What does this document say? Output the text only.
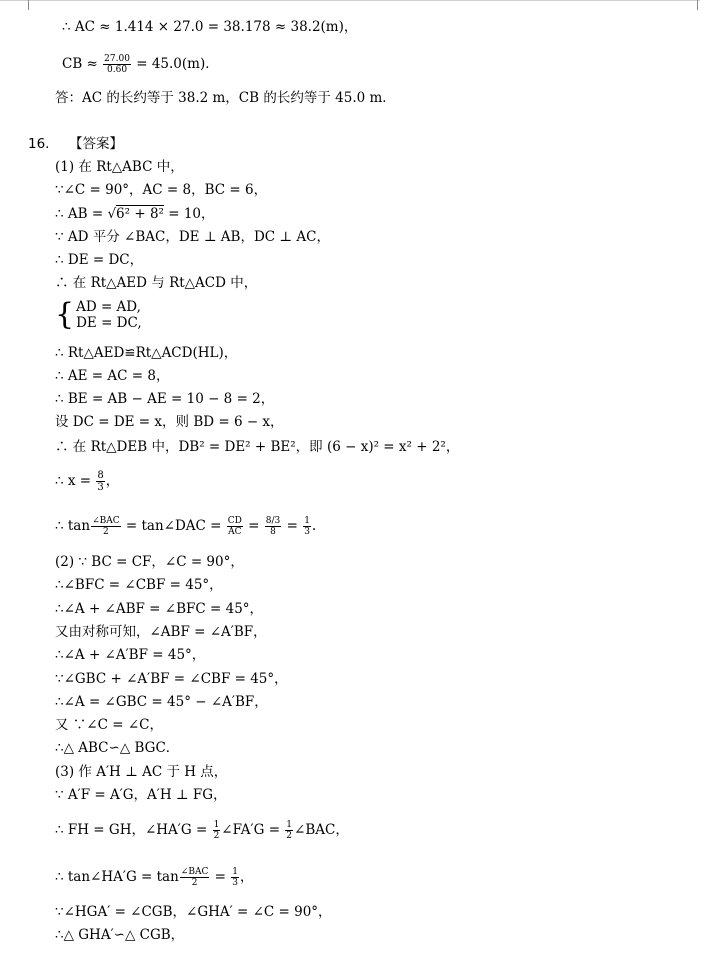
∴ AC ≈ 1.414 × 27.0 = 38.178 ≈ 38.2(m)，
CB ≈ $\frac{27.00}{0.60} = 45.0(m)$．
答：AC 的长约等于 38.2 m，CB 的长约等于 45.0 m．
16. 【答案】
(1) 在 Rt△ABC 中，
∵∠C = 90°，AC = 8，BC = 6，
∴ AB = √6² + 8² = 10，
∵ AD 平分 ∠BAC，DE ⊥ AB，DC ⊥ AC，
∴ DE = DC，
∴ 在 Rt△AED 与 Rt△ACD 中，
{ AD = AD,
DE = DC,
∴ Rt△AED≌Rt△ACD(HL)，
∴ AE = AC = 8，
∴ BE = AB − AE = 10 − 8 = 2，
设 DC = DE = x，则 BD = 6 − x，
∴ 在 Rt△DEB 中，DB² = DE² + BE²，即 (6 − x)² = x² + 2²，
∴ $x = \frac{8}{3}$ ，
∴ $\tan \frac{\text{∠BAC}}{2}$ = tan∠DAC = $\frac{CD}{AC} = \frac{8/3}{8} = \frac{1}{3}$ .
(2) ∵ BC = CF，∠C = 90°，
∴∠BFC = ∠CBF = 45°，
∴∠A + ∠ABF = ∠BFC = 45°，
又由对称可知，∠ABF = ∠A′BF，
∴∠A + ∠A′BF = 45°，
∵∠GBC + ∠A′BF = ∠CBF = 45°，
∴∠A = ∠GBC = 45° − ∠A′BF，
又 ∵∠C = ∠C，
∴△ ABC∽△ BGC．
(3) 作 A′H ⊥ AC 于 H 点，
∵ A′F = A′G，A′H ⊥ FG，
∴ FH = GH，∠HA′G = $\frac{1}{2}$ ∠FA′G = $\frac{1}{2}$ ∠BAC，
∴ tan∠HA′G = $\tan \frac{\text{∠BAC}}{2} = \frac{1}{3}$ ，
∵∠HGA′ = ∠CGB，∠GHA′ = ∠C = 90°，
∴△ GHA′∽△ CGB，
